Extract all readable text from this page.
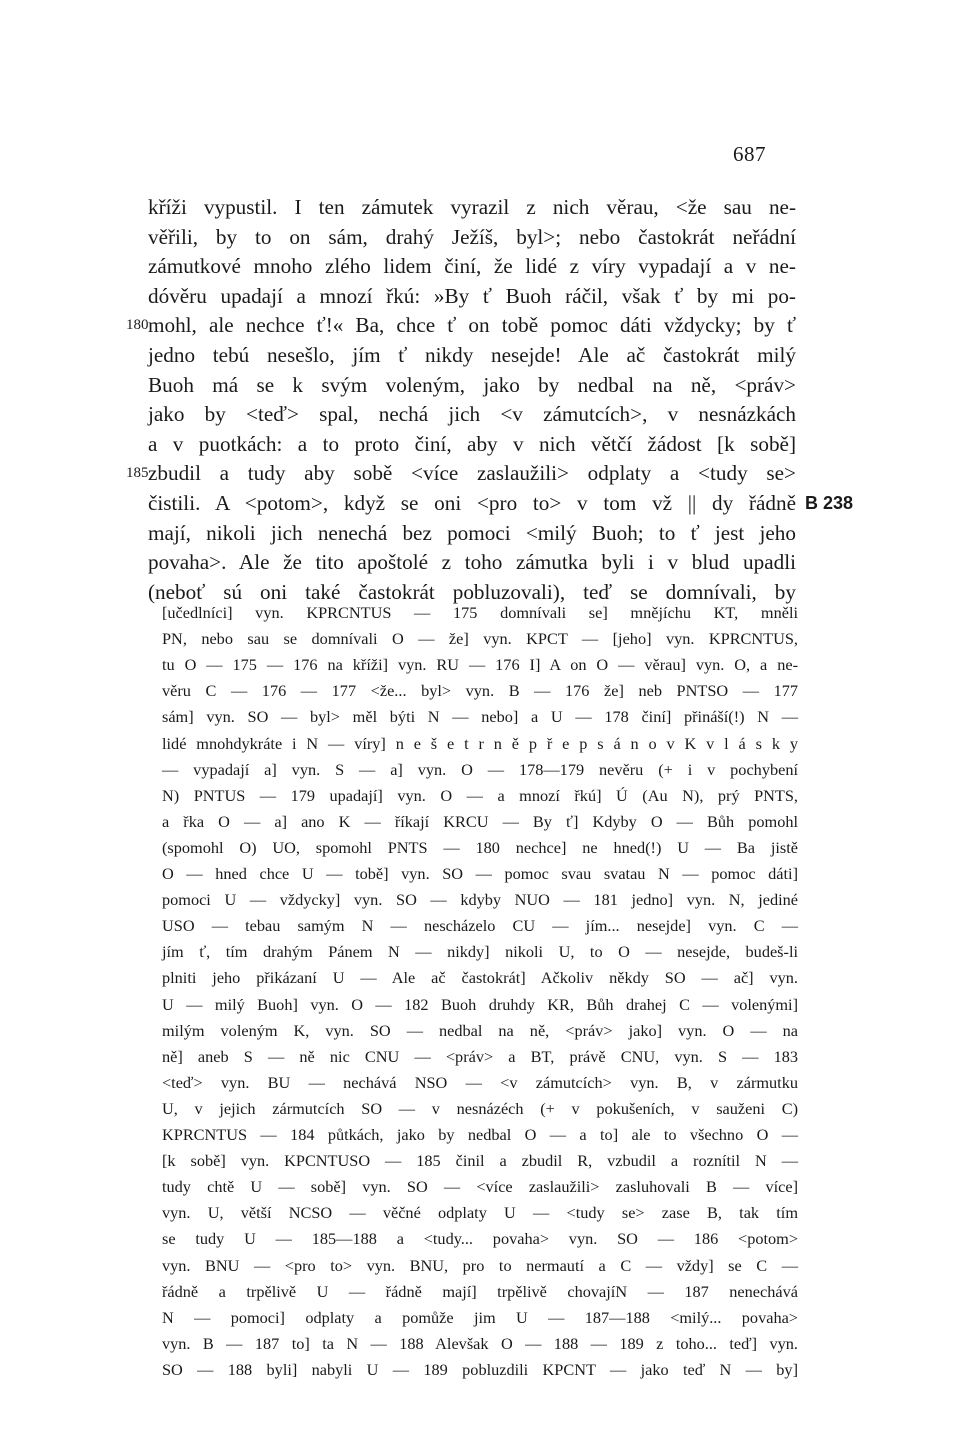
687
kříži vypustil. I ten zámutek vyrazil z nich věrau, <že sau ne-
věřili, by to on sám, drahý Ježíš, byl>; nebo častokrát neřádní
zámutkové mnoho zlého lidem činí, že lidé z víry vypadají a v ne-
dóvěru upadají a mnozí řkú: »By ť Buoh ráčil, však ť by mi po-
mohl, ale nechce ť!« Ba, chce ť on tobě pomoc dáti vždycky; by ť
jedno tebú nesešlo, jím ť nikdy nesejde! Ale ač častokrát milý
Buoh má se k svým voleným, jako by nedbal na ně, <práv>
jako by <teď> spal, nechá jich <v zámutcích>, v nesnázkách
a v puotkách: a to proto činí, aby v nich větčí žádost [k sobě]
zbudil a tudy aby sobě <více zaslaužili> odplaty a <tudy se>
čistili. A <potom>, když se oni <pro to> v tom vž || dy řádně
mají, nikoli jich nenechá bez pomoci <milý Buoh; to ť jest jeho
povaha>. Ale že tito apoštolé z toho zámutka byli i v blud upadli
(neboť sú oni také častokrát pobluzovali), teď se domnívali, by
180
185
B 238
[učedlníci] vyn. KPRCNTUS — 175 domnívali se] mnějíchu KT, mněli
PN, nebo sau se domnívali O — že] vyn. KPCT — [jeho] vyn. KPRCNTUS,
tu O — 175 — 176 na kříži] vyn. RU — 176 I] A on O — věrau] vyn. O, a ne-
věru C — 176 — 177 <že... byl> vyn. B — 176 že] neb PNTSO — 177
sám] vyn. SO — byl> měl býti N — nebo] a U — 178 činí] přináší(!) N —
lidé mnohdykráte i N — víry] n e š e t r n ě p ř e p s á n o v K v l á s k y
— vypadají a] vyn. S — a] vyn. O — 178—179 nevěru (+ i v pochybení
N) PNTUS — 179 upadají] vyn. O — a mnozí řkú] Ú (Au N), prý PNTS,
a řka O — a] ano K — říkají KRCU — By ť] Kdyby O — Bůh pomohl
(spomohl O) UO, spomohl PNTS — 180 nechce] ne hned(!) U — Ba jistě
O — hned chce U — tobě] vyn. SO — pomoc svau svatau N — pomoc dáti]
pomoci U — vždycky] vyn. SO — kdyby NUO — 181 jedno] vyn. N, jediné
USO — tebau samým N — nescházelo CU — jím... nesejde] vyn. C —
jím ť, tím drahým Pánem N — nikdy] nikoli U, to O — nesejde, budeš-li
plniti jeho přikázaní U — Ale ač častokrát] Ačkoliv někdy SO — ač] vyn.
U — milý Buoh] vyn. O — 182 Buoh druhdy KR, Bůh drahej C — volenými]
milým voleným K, vyn. SO — nedbal na ně, <práv> jako] vyn. O — na
ně] aneb S — ně nic CNU — <práv> a BT, právě CNU, vyn. S — 183
<teď> vyn. BU — nechává NSO — <v zámutcích> vyn. B, v zármutku
U, v jejich zármutcích SO — v nesnázéch (+ v pokušeních, v sauženi C)
KPRCNTUS — 184 půtkách, jako by nedbal O — a to] ale to všechno O —
[k sobě] vyn. KPCNTUSO — 185 činil a zbudil R, vzbudil a roznítil N —
tudy chtě U — sobě] vyn. SO — <více zaslaužili> zasluhovali B — více]
vyn. U, větší NCSO — věčné odplaty U — <tudy se> zase B, tak tím
se tudy U — 185—188 a <tudy... povaha> vyn. SO — 186 <potom>
vyn. BNU — <pro to> vyn. BNU, pro to nermautí a C — vždy] se C —
řádně a trpělivě U — řádně mají] trpělivě chovajíN — 187 nenechává
N — pomoci] odplaty a pomůže jim U — 187—188 <milý... povaha>
vyn. B — 187 to] ta N — 188 Alevšak O — 188 — 189 z toho... teď] vyn.
SO — 188 byli] nabyli U — 189 pobluzdili KPCNT — jako teď N — by]
